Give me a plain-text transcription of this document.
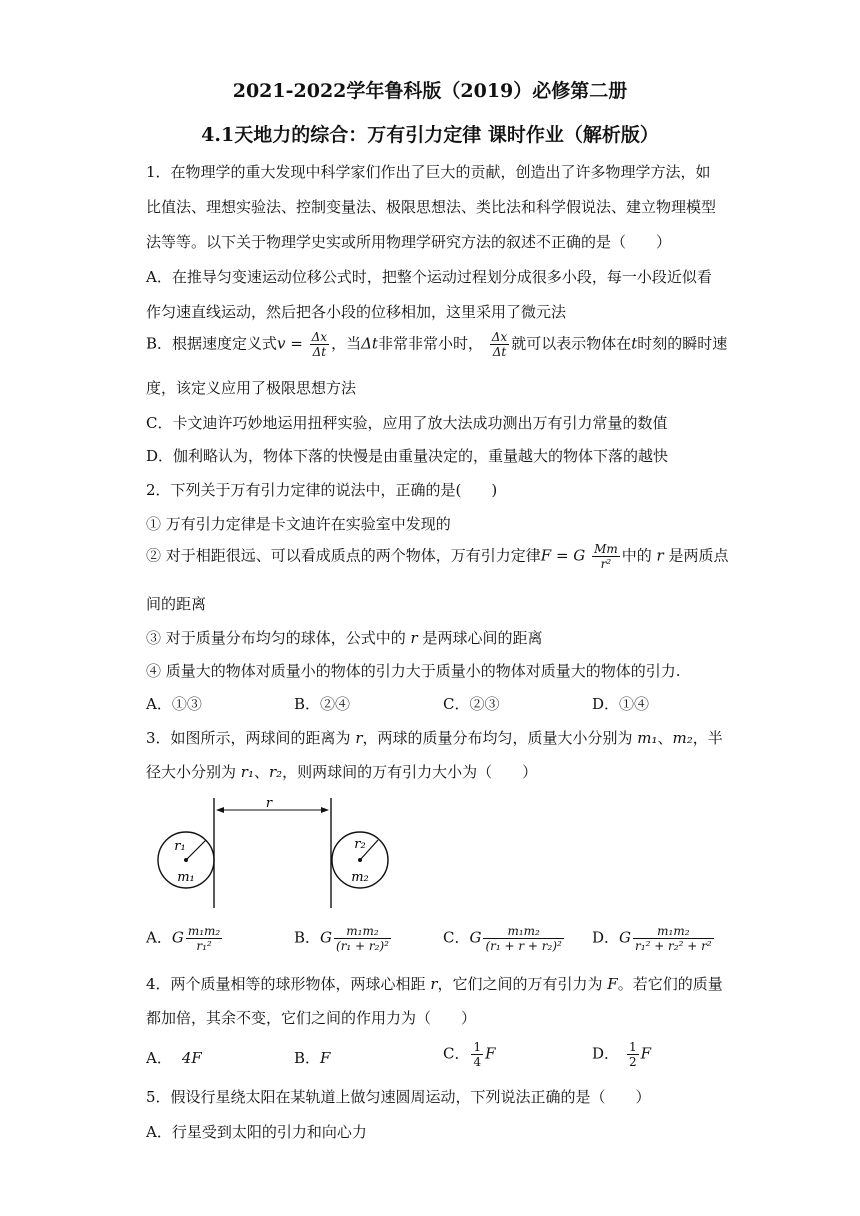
2021-2022学年鲁科版（2019）必修第二册
4.1天地力的综合：万有引力定律 课时作业（解析版）
1．在物理学的重大发现中科学家们作出了巨大的贡献，创造出了许多物理学方法，如
比值法、理想实验法、控制变量法、极限思想法、类比法和科学假说法、建立物理模型
法等等。以下关于物理学史实或所用物理学研究方法的叙述不正确的是（　　）
A．在推导匀变速运动位移公式时，把整个运动过程划分成很多小段，每一小段近似看
作匀速直线运动，然后把各小段的位移相加，这里采用了微元法
B．根据速度定义式$v = \frac{\Delta x}{\Delta t}$ ，当Δt非常非常小时， $\frac{\Delta x}{\Delta t}$ 就可以表示物体在t时刻的瞬时速
度，该定义应用了极限思想方法
C．卡文迪许巧妙地运用扭秤实验，应用了放大法成功测出万有引力常量的数值
D．伽利略认为，物体下落的快慢是由重量决定的，重量越大的物体下落的越快
2．下列关于万有引力定律的说法中，正确的是(　　)
① 万有引力定律是卡文迪许在实验室中发现的
② 对于相距很远、可以看成质点的两个物体，万有引力定律F = G $\frac{Mm}{\text{r²}}$ 中的 r 是两质点
间的距离
③ 对于质量分布均匀的球体，公式中的 r 是两球心间的距离
④ 质量大的物体对质量小的物体的引力大于质量小的物体对质量大的物体的引力.
A．①③	B．②④	C．②③	D．①④
3．如图所示，两球间的距离为 r，两球的质量分布均匀，质量大小分别为 m₁、m₂，半
径大小分别为 r₁、r₂，则两球间的万有引力大小为（　　）
r
r₁
m₁
r₂
m₂
A．G $\frac{\text{m₁m₂}}{\text{r₁²}}$	B．G $\frac{\text{m₁m₂}}{\text{(r₁ + r₂)²}}$	C．G $\frac{\text{m₁m₂}}{\text{(r₁ + r + r₂)²}}$ D．G $\frac{\text{m₁m₂}}{\text{r₁² + r₂² + r²}}$
4．两个质量相等的球形物体，两球心相距 r，它们之间的万有引力为 F。若它们的质量
都加倍，其余不变，它们之间的作用力为（　　）
A． 4F	B．F	C． $\frac{1}{4}$ F	D． $\frac{1}{2}$ F
5．假设行星绕太阳在某轨道上做匀速圆周运动，下列说法正确的是（　　）
A．行星受到太阳的引力和向心力
